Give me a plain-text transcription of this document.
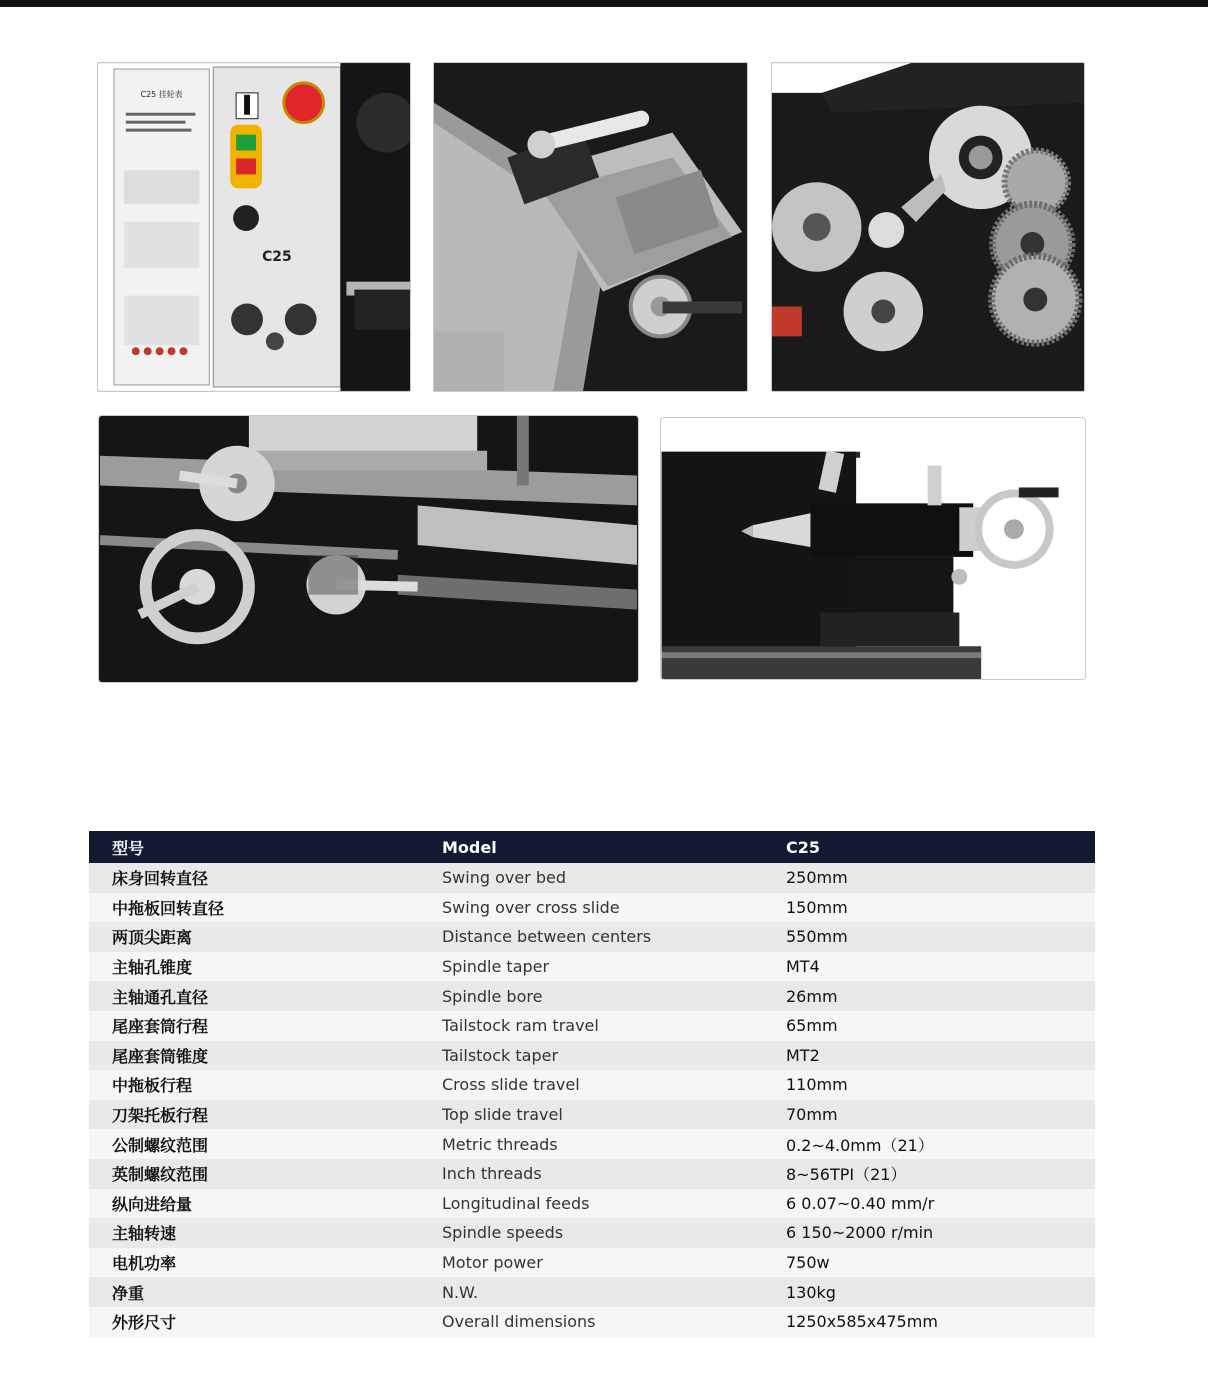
C25 挂轮表
C25
型号	Model	C25
床身回转直径	Swing over bed	250mm
中拖板回转直径	Swing over cross slide	150mm
两顶尖距离	Distance between centers	550mm
主轴孔锥度	Spindle taper	MT4
主轴通孔直径	Spindle bore	26mm
尾座套筒行程	Tailstock ram travel	65mm
尾座套筒锥度	Tailstock taper	MT2
中拖板行程	Cross slide travel	110mm
刀架托板行程	Top slide travel	70mm
公制螺纹范围	Metric threads	0.2~4.0mm（21）
英制螺纹范围	Inch threads	8~56TPI（21）
纵向进给量	Longitudinal feeds	6 0.07~0.40 mm/r
主轴转速	Spindle speeds	6 150~2000 r/min
电机功率	Motor power	750w
净重	N.W.	130kg
外形尺寸	Overall dimensions	1250x585x475mm
